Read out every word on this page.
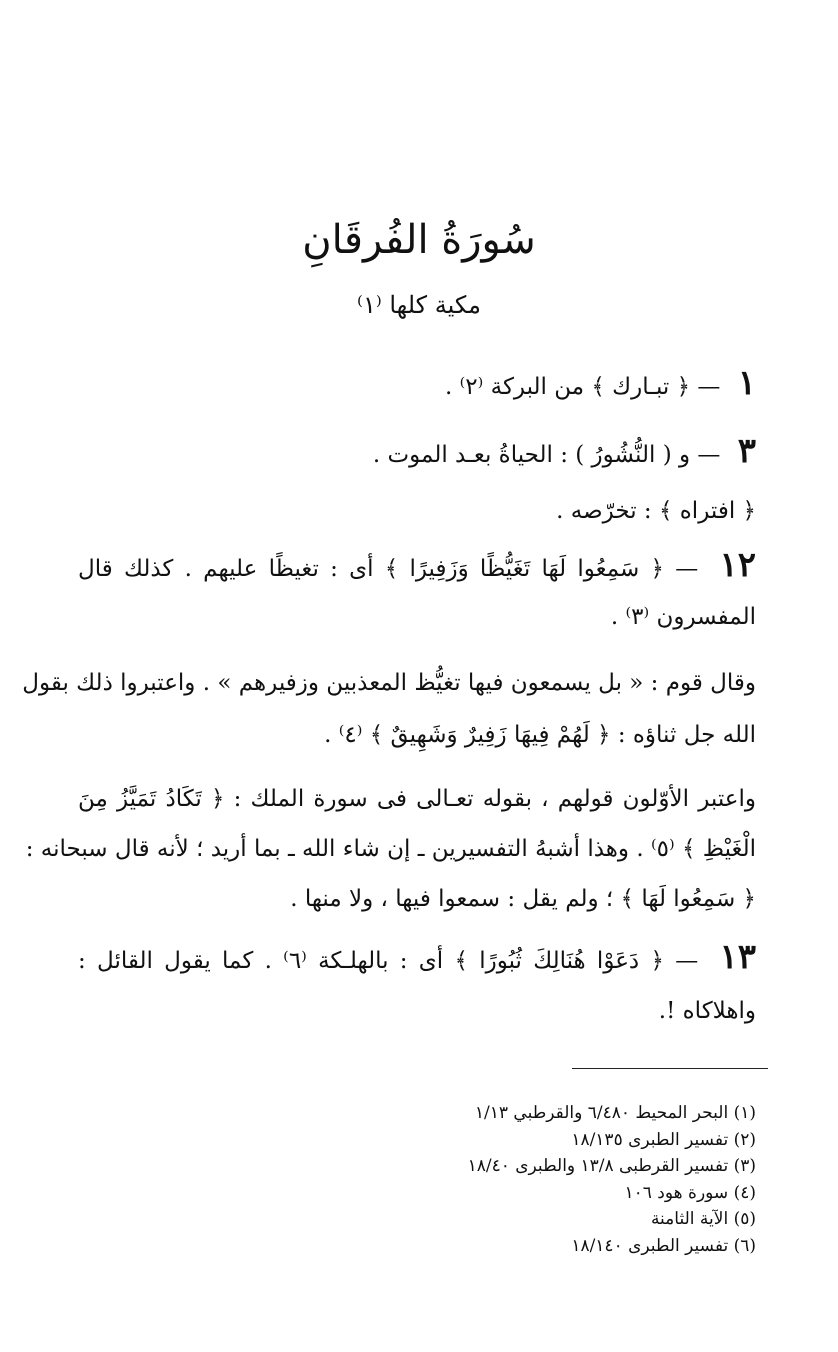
سُورَةُ الفُرقَانِ
مكية كلها ⁽١⁾
١ — ﴿ تبـارك ﴾ من البركة ⁽٢⁾ .
٣ — و ( النُّشُورُ ) : الحياةُ بعـد الموت .
﴿ افتراه ﴾ : تخرّصه .
١٢ — ﴿ سَمِعُوا لَهَا تَغَيُّظًا وَزَفِيرًا ﴾ أى : تغيظًا عليهم . كذلك قال
المفسرون ⁽٣⁾ .
وقال قوم : « بل يسمعون فيها تغيُّظ المعذبين وزفيرهم » . واعتبروا ذلك بقول
الله جل ثناؤه : ﴿ لَهُمْ فِيهَا زَفِيرٌ وَشَهِيقٌ ﴾ ⁽٤⁾ .
واعتبر الأوّلون قولهم ، بقوله تعـالى فى سورة الملك : ﴿ تَكَادُ تَمَيَّزُ مِنَ
الْغَيْظِ ﴾ ⁽٥⁾ . وهذا أشبهُ التفسيرين ـ إن شاء الله ـ بما أريد ؛ لأنه قال سبحانه :
﴿ سَمِعُوا لَهَا ﴾ ؛ ولم يقل : سمعوا فيها ، ولا منها .
١٣ — ﴿ دَعَوْا هُنَالِكَ ثُبُورًا ﴾ أى : بالهلـكة ⁽٦⁾ . كما يقول القائل :
واهلاكاه !.
(١) البحر المحيط ٦/٤٨٠ والقرطبي ١/١٣
(٢) تفسير الطبرى ١٨/١٣٥
(٣) تفسير القرطبى ١٣/٨ والطبرى ١٨/٤٠
(٤) سورة هود ١٠٦
(٥) الآية الثامنة
(٦) تفسير الطبرى ١٨/١٤٠
